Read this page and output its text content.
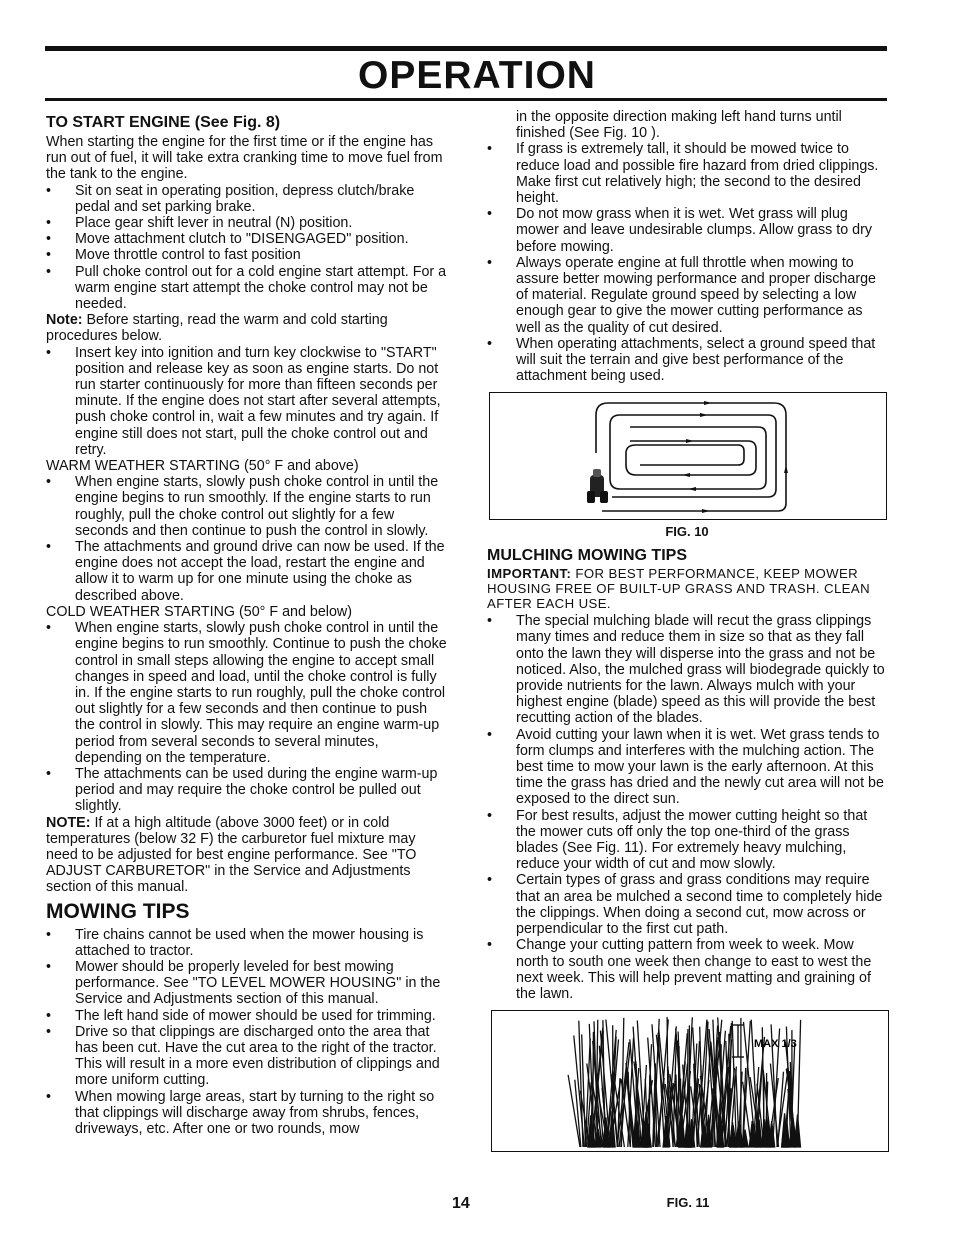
OPERATION
TO START ENGINE (See Fig. 8)

When starting the engine for the first time or if the engine has run out of fuel, it will take extra cranking time to move fuel from the tank to the engine.

• Sit on seat in operating position, depress clutch/brake pedal and set parking brake.
• Place gear shift lever in neutral (N) position.
• Move attachment clutch to "DISENGAGED" position.
• Move throttle control to fast position
• Pull choke control out for a cold engine start attempt. For a warm engine start attempt the choke control may not be needed.

Note: Before starting, read the warm and cold starting procedures below.

• Insert key into ignition and turn key clockwise to "START" position and release key as soon as engine starts. Do not run starter continuously for more than fifteen seconds per minute. If the engine does not start after several attempts, push choke control in, wait a few minutes and try again. If engine still does not start, pull the choke control out and retry.

WARM WEATHER STARTING (50° F and above)

• When engine starts, slowly push choke control in until the engine begins to run smoothly. If the engine starts to run roughly, pull the choke control out slightly for a few seconds and then continue to push the control in slowly.
• The attachments and ground drive can now be used. If the engine does not accept the load, restart the engine and allow it to warm up for one minute using the choke as described above.

COLD WEATHER STARTING (50° F and below)

• When engine starts, slowly push choke control in until the engine begins to run smoothly. Continue to push the choke control in small steps allowing the engine to accept small changes in speed and load, until the choke control is fully in. If the engine starts to run roughly, pull the choke control out slightly for a few seconds and then continue to push the control in slowly. This may require an engine warm-up period from several seconds to several minutes, depending on the temperature.
• The attachments can be used during the engine warm-up period and may require the choke control be pulled out slightly.

NOTE: If at a high altitude (above 3000 feet) or in cold temperatures (below 32 F) the carburetor fuel mixture may need to be adjusted for best engine performance. See "TO ADJUST CARBURETOR" in the Service and Adjustments section of this manual.

MOWING TIPS
• Tire chains cannot be used when the mower housing is attached to tractor.
• Mower should be properly leveled for best mowing performance. See "TO LEVEL MOWER HOUSING" in the Service and Adjustments section of this manual.
• The left hand side of mower should be used for trimming.
• Drive so that clippings are discharged onto the area that has been cut. Have the cut area to the right of the tractor. This will result in a more even distribution of clippings and more uniform cutting.
• When mowing large areas, start by turning to the right so that clippings will discharge away from shrubs, fences, driveways, etc. After one or two rounds, mow

in the opposite direction making left hand turns until finished (See Fig. 10 ).

• If grass is extremely tall, it should be mowed twice to reduce load and possible fire hazard from dried clippings. Make first cut relatively high; the second to the desired height.
• Do not mow grass when it is wet. Wet grass will plug mower and leave undesirable clumps. Allow grass to dry before mowing.
• Always operate engine at full throttle when mowing to assure better mowing performance and proper discharge of material. Regulate ground speed by selecting a low enough gear to give the mower cutting performance as well as the quality of cut desired.
• When operating attachments, select a ground speed that will suit the terrain and give best performance of the attachment being used.
FIG. 10
MULCHING MOWING TIPS

IMPORTANT: FOR BEST PERFORMANCE, KEEP MOWER HOUSING FREE OF BUILT-UP GRASS AND TRASH. CLEAN AFTER EACH USE.

• The special mulching blade will recut the grass clippings many times and reduce them in size so that as they fall onto the lawn they will disperse into the grass and not be noticed. Also, the mulched grass will biodegrade quickly to provide nutrients for the lawn. Always mulch with your highest engine (blade) speed as this will provide the best recutting action of the blades.
• Avoid cutting your lawn when it is wet. Wet grass tends to form clumps and interferes with the mulching action. The best time to mow your lawn is the early afternoon. At this time the grass has dried and the newly cut area will not be exposed to the direct sun.
• For best results, adjust the mower cutting height so that the mower cuts off only the top one-third of the grass blades (See Fig. 11). For extremely heavy mulching, reduce your width of cut and mow slowly.
• Certain types of grass and grass conditions may require that an area be mulched a second time to completely hide the clippings. When doing a second cut, mow across or perpendicular to the first cut path.
• Change your cutting pattern from week to week. Mow north to south one week then change to east to west the next week. This will help prevent matting and graining of the lawn.
MAX 1/3
14	FIG. 11
